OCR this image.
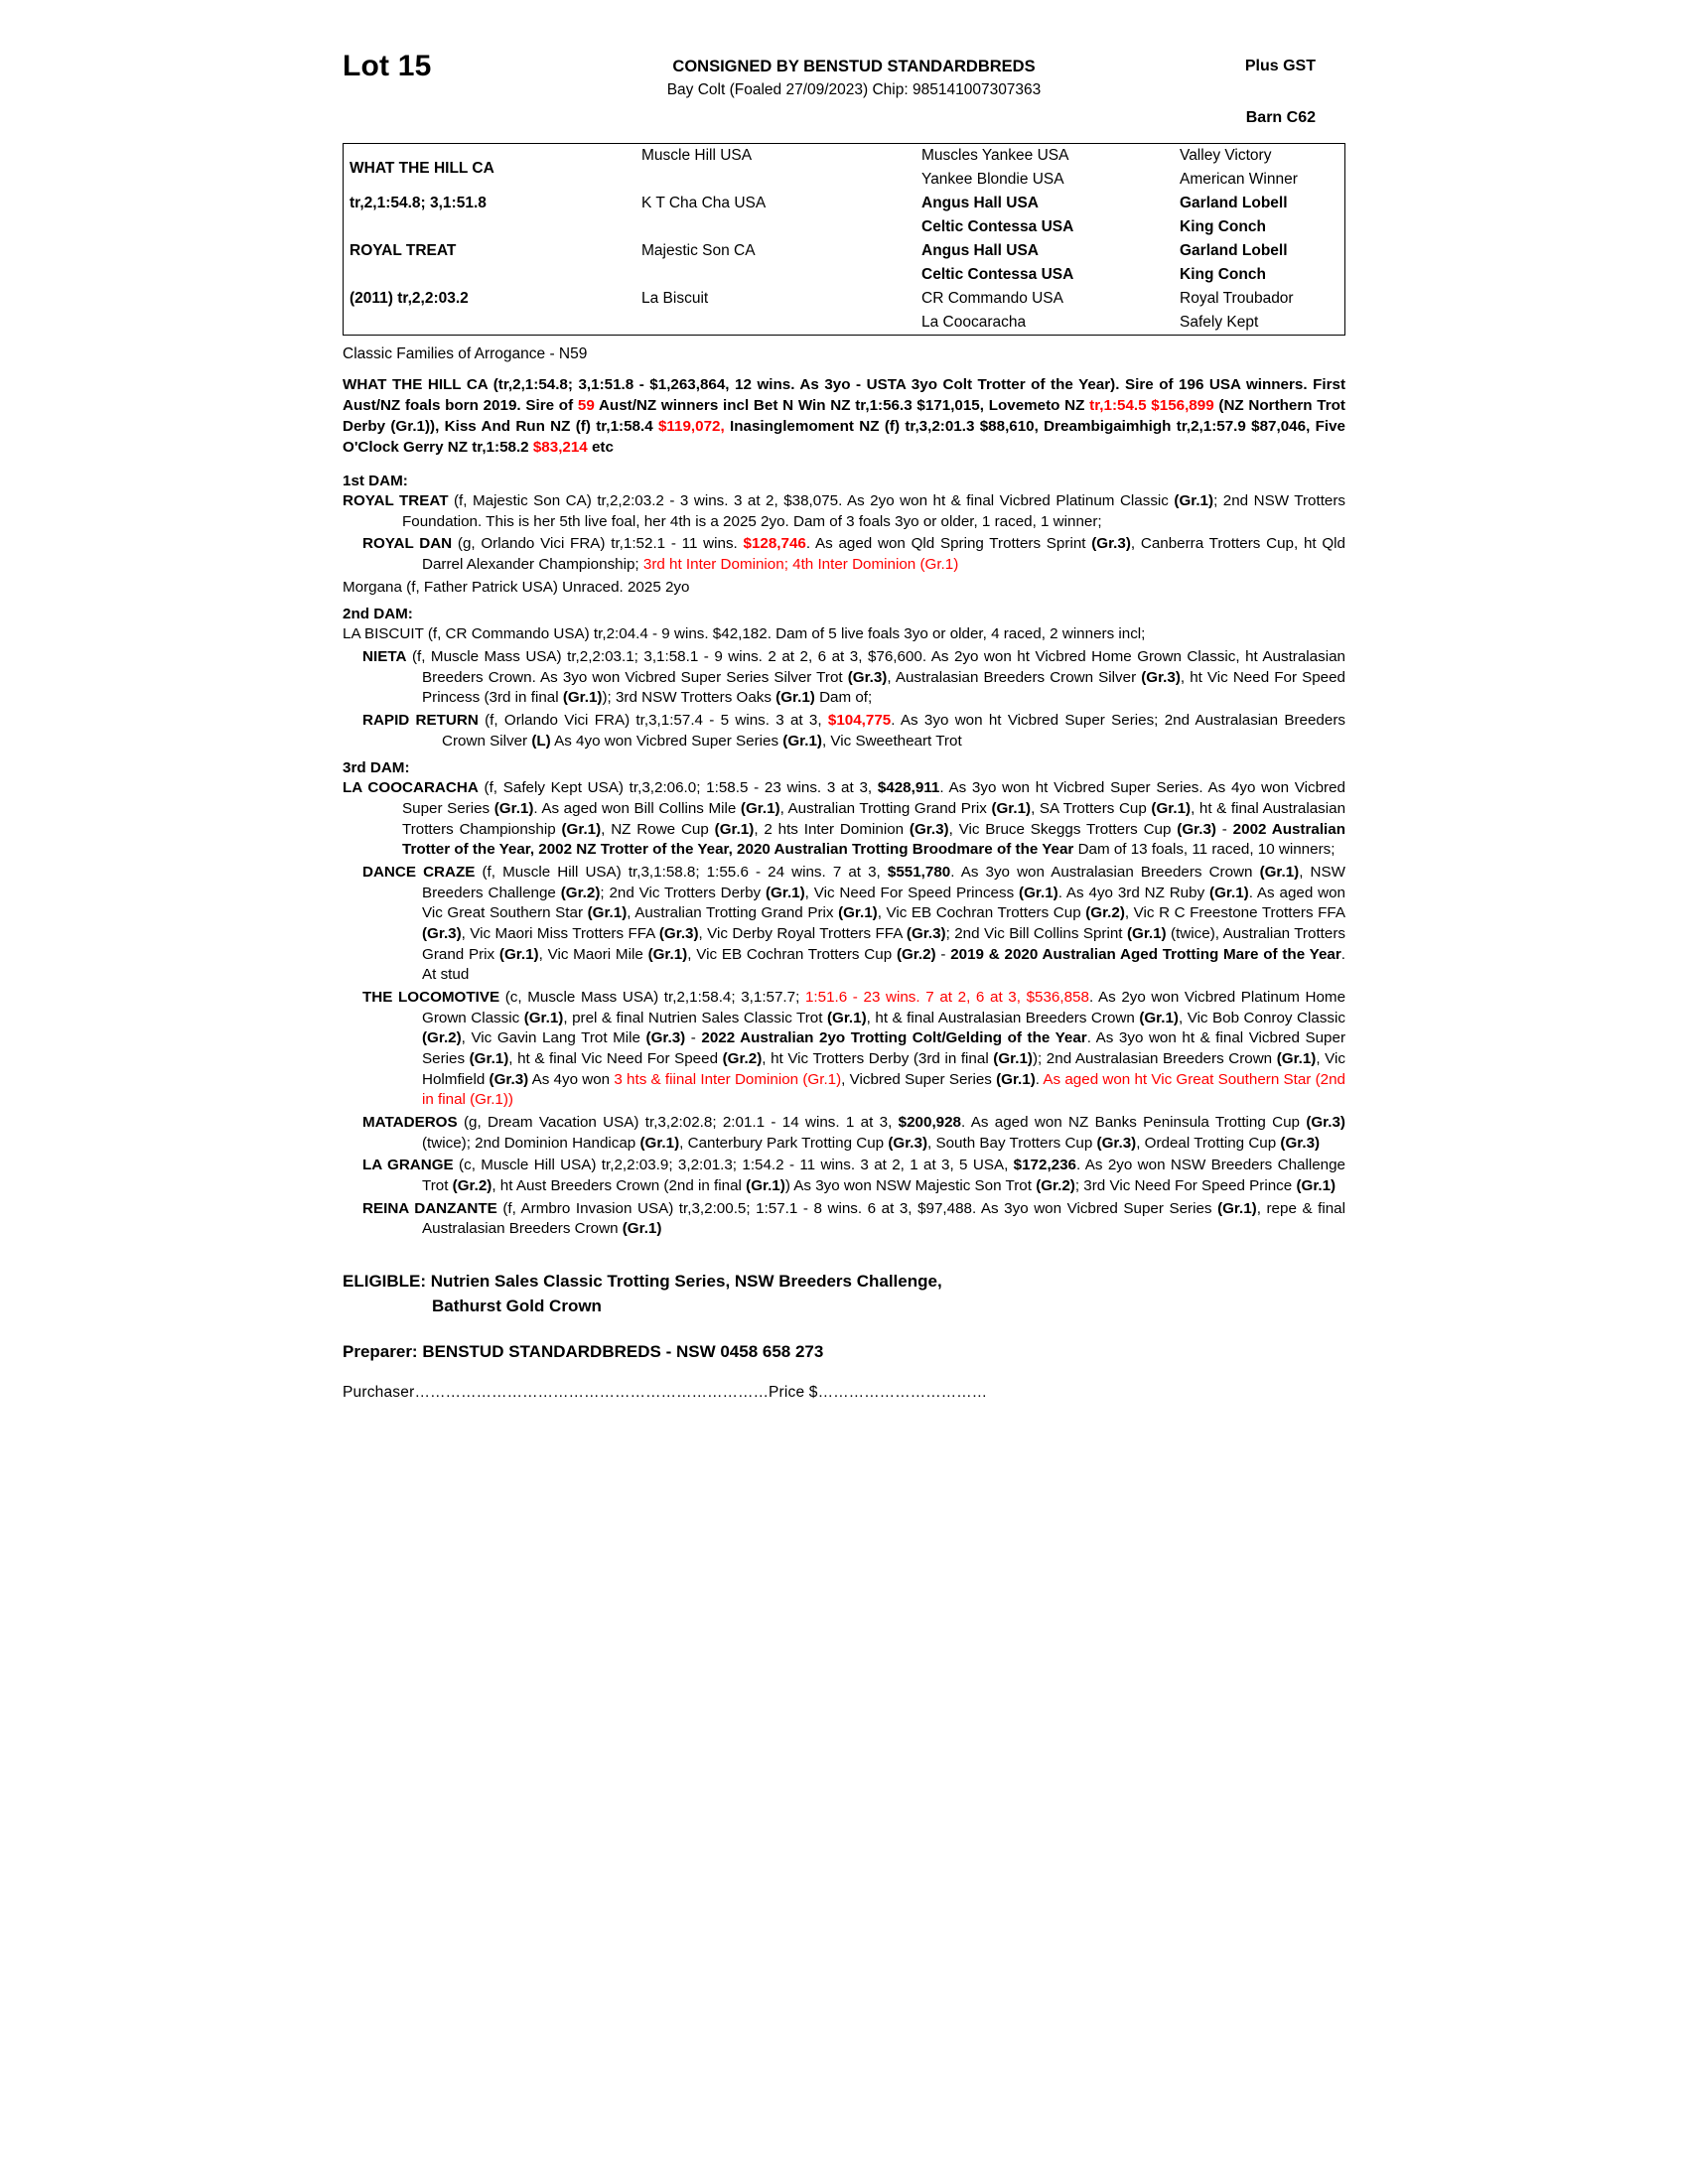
Lot 15	CONSIGNED BY BENSTUD STANDARDBREDS
Bay Colt (Foaled 27/09/2023) Chip: 985141007307363
Plus GST
Barn C62
WHAT THE HILL CA	Muscle Hill USA	Muscles Yankee USA	Valley Victory
		Yankee Blondie USA	American Winner
tr,2,1:54.8; 3,1:51.8	K T Cha Cha USA	Angus Hall USA	Garland Lobell
		Celtic Contessa USA	King Conch
ROYAL TREAT	Majestic Son CA	Angus Hall USA	Garland Lobell
		Celtic Contessa USA	King Conch
(2011) tr,2,2:03.2	La Biscuit	CR Commando USA	Royal Troubador
		La Coocaracha	Safely Kept
Classic Families of Arrogance - N59
WHAT THE HILL CA (tr,2,1:54.8; 3,1:51.8 - $1,263,864, 12 wins. As 3yo - USTA 3yo Colt Trotter of the Year). Sire of 196 USA winners. First Aust/NZ foals born 2019. Sire of 59 Aust/NZ winners incl Bet N Win NZ tr,1:56.3 $171,015, Lovemeto NZ tr,1:54.5 $156,899 (NZ Northern Trot Derby (Gr.1)), Kiss And Run NZ (f) tr,1:58.4 $119,072, Inasinglemoment NZ (f) tr,3,2:01.3 $88,610, Dreambigaimhigh tr,2,1:57.9 $87,046, Five O'Clock Gerry NZ tr,1:58.2 $83,214 etc
1st DAM:

ROYAL TREAT (f, Majestic Son CA) tr,2,2:03.2 - 3 wins. 3 at 2, $38,075. As 2yo won ht & final Vicbred Platinum Classic (Gr.1); 2nd NSW Trotters Foundation. This is her 5th live foal, her 4th is a 2025 2yo. Dam of 3 foals 3yo or older, 1 raced, 1 winner;

ROYAL DAN (g, Orlando Vici FRA) tr,1:52.1 - 11 wins. $128,746. As aged won Qld Spring Trotters Sprint (Gr.3), Canberra Trotters Cup, ht Qld Darrel Alexander Championship; 3rd ht Inter Dominion; 4th Inter Dominion (Gr.1)

Morgana (f, Father Patrick USA) Unraced. 2025 2yo

2nd DAM:

LA BISCUIT (f, CR Commando USA) tr,2:04.4 - 9 wins. $42,182. Dam of 5 live foals 3yo or older, 4 raced, 2 winners incl;

NIETA (f, Muscle Mass USA) tr,2,2:03.1; 3,1:58.1 - 9 wins. 2 at 2, 6 at 3, $76,600. As 2yo won ht Vicbred Home Grown Classic, ht Australasian Breeders Crown. As 3yo won Vicbred Super Series Silver Trot (Gr.3), Australasian Breeders Crown Silver (Gr.3), ht Vic Need For Speed Princess (3rd in final (Gr.1)); 3rd NSW Trotters Oaks (Gr.1) Dam of;

RAPID RETURN (f, Orlando Vici FRA) tr,3,1:57.4 - 5 wins. 3 at 3, $104,775. As 3yo won ht Vicbred Super Series; 2nd Australasian Breeders Crown Silver (L) As 4yo won Vicbred Super Series (Gr.1), Vic Sweetheart Trot

3rd DAM:

LA COOCARACHA (f, Safely Kept USA) tr,3,2:06.0; 1:58.5 - 23 wins. 3 at 3, $428,911. As 3yo won ht Vicbred Super Series. As 4yo won Vicbred Super Series (Gr.1). As aged won Bill Collins Mile (Gr.1), Australian Trotting Grand Prix (Gr.1), SA Trotters Cup (Gr.1), ht & final Australasian Trotters Championship (Gr.1), NZ Rowe Cup (Gr.1), 2 hts Inter Dominion (Gr.3), Vic Bruce Skeggs Trotters Cup (Gr.3) - 2002 Australian Trotter of the Year, 2002 NZ Trotter of the Year, 2020 Australian Trotting Broodmare of the Year Dam of 13 foals, 11 raced, 10 winners;

DANCE CRAZE (f, Muscle Hill USA) tr,3,1:58.8; 1:55.6 - 24 wins. 7 at 3, $551,780. As 3yo won Australasian Breeders Crown (Gr.1), NSW Breeders Challenge (Gr.2); 2nd Vic Trotters Derby (Gr.1), Vic Need For Speed Princess (Gr.1). As 4yo 3rd NZ Ruby (Gr.1). As aged won Vic Great Southern Star (Gr.1), Australian Trotting Grand Prix (Gr.1), Vic EB Cochran Trotters Cup (Gr.2), Vic R C Freestone Trotters FFA (Gr.3), Vic Maori Miss Trotters FFA (Gr.3), Vic Derby Royal Trotters FFA (Gr.3); 2nd Vic Bill Collins Sprint (Gr.1) (twice), Australian Trotters Grand Prix (Gr.1), Vic Maori Mile (Gr.1), Vic EB Cochran Trotters Cup (Gr.2) - 2019 & 2020 Australian Aged Trotting Mare of the Year. At stud

THE LOCOMOTIVE (c, Muscle Mass USA) tr,2,1:58.4; 3,1:57.7; 1:51.6 - 23 wins. 7 at 2, 6 at 3, $536,858. As 2yo won Vicbred Platinum Home Grown Classic (Gr.1), prel & final Nutrien Sales Classic Trot (Gr.1), ht & final Australasian Breeders Crown (Gr.1), Vic Bob Conroy Classic (Gr.2), Vic Gavin Lang Trot Mile (Gr.3) - 2022 Australian 2yo Trotting Colt/Gelding of the Year. As 3yo won ht & final Vicbred Super Series (Gr.1), ht & final Vic Need For Speed (Gr.2), ht Vic Trotters Derby (3rd in final (Gr.1)); 2nd Australasian Breeders Crown (Gr.1), Vic Holmfield (Gr.3) As 4yo won 3 hts & fiinal Inter Dominion (Gr.1), Vicbred Super Series (Gr.1). As aged won ht Vic Great Southern Star (2nd in final (Gr.1))

MATADEROS (g, Dream Vacation USA) tr,3,2:02.8; 2:01.1 - 14 wins. 1 at 3, $200,928. As aged won NZ Banks Peninsula Trotting Cup (Gr.3) (twice); 2nd Dominion Handicap (Gr.1), Canterbury Park Trotting Cup (Gr.3), South Bay Trotters Cup (Gr.3), Ordeal Trotting Cup (Gr.3)

LA GRANGE (c, Muscle Hill USA) tr,2,2:03.9; 3,2:01.3; 1:54.2 - 11 wins. 3 at 2, 1 at 3, 5 USA, $172,236. As 2yo won NSW Breeders Challenge Trot (Gr.2), ht Aust Breeders Crown (2nd in final (Gr.1)) As 3yo won NSW Majestic Son Trot (Gr.2); 3rd Vic Need For Speed Prince (Gr.1)

REINA DANZANTE (f, Armbro Invasion USA) tr,3,2:00.5; 1:57.1 - 8 wins. 6 at 3, $97,488. As 3yo won Vicbred Super Series (Gr.1), repe & final Australasian Breeders Crown (Gr.1)

ELIGIBLE: Nutrien Sales Classic Trotting Series, NSW Breeders Challenge,
Bathurst Gold Crown
Preparer: BENSTUD STANDARDBREDS - NSW 0458 658 273
Purchaser……………………………………………………………Price $……………………………
